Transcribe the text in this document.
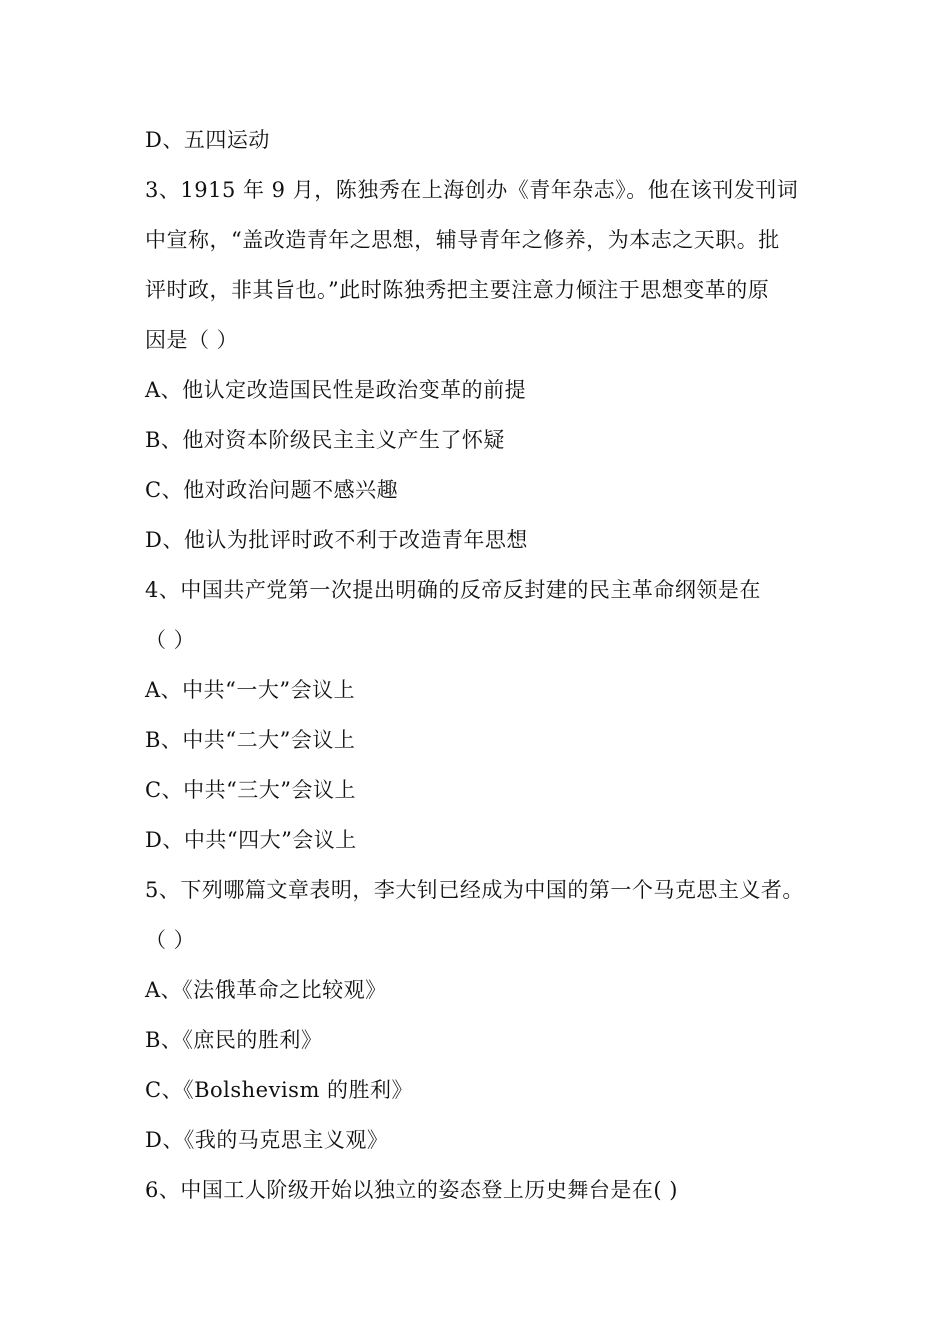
D、五四运动
3、1915 年 9 月，陈独秀在上海创办《青年杂志》。他在该刊发刊词
中宣称，“盖改造青年之思想，辅导青年之修养，为本志之天职。批
评时政，非其旨也。”此时陈独秀把主要注意力倾注于思想变革的原
因是（ ）
A、他认定改造国民性是政治变革的前提
B、他对资本阶级民主主义产生了怀疑
C、他对政治问题不感兴趣
D、他认为批评时政不利于改造青年思想
4、中国共产党第一次提出明确的反帝反封建的民主革命纲领是在
（ ）
A、中共“一大”会议上
B、中共“二大”会议上
C、中共“三大”会议上
D、中共“四大”会议上
5、下列哪篇文章表明，李大钊已经成为中国的第一个马克思主义者。
（ ）
A、《法俄革命之比较观》
B、《庶民的胜利》
C、《Bolshevism 的胜利》
D、《我的马克思主义观》
6、中国工人阶级开始以独立的姿态登上历史舞台是在( )
